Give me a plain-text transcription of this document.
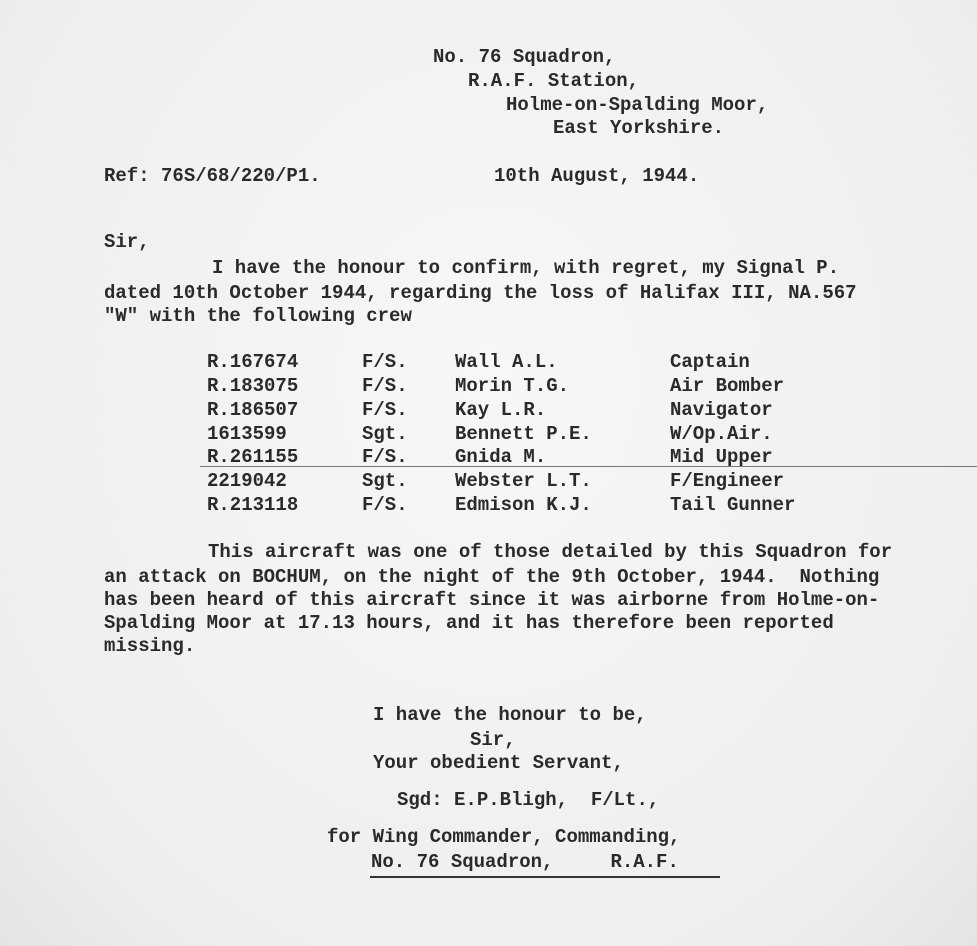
No. 76 Squadron,
R.A.F. Station,
Holme-on-Spalding Moor,
East Yorkshire.
Ref: 76S/68/220/P1.	10th August, 1944.
Sir,
I have the honour to confirm, with regret, my Signal P.
dated 10th October 1944, regarding the loss of Halifax III, NA.567
"W" with the following crew
R.167674	F/S. Wall A.L.	Captain
R.183075	F/S. Morin T.G.	Air Bomber
R.186507	F/S. Kay L.R.	Navigator
1613599	Sgt. Bennett P.E.	W/Op.Air.
R.261155	F/S. Gnida M.	Mid Upper
2219042	Sgt. Webster L.T.	F/Engineer
R.213118	F/S. Edmison K.J.	Tail Gunner
This aircraft was one of those detailed by this Squadron for
an attack on BOCHUM, on the night of the 9th October, 1944.  Nothing
has been heard of this aircraft since it was airborne from Holme-on-
Spalding Moor at 17.13 hours, and it has therefore been reported
missing.
I have the honour to be,
Sir,
Your obedient Servant,
Sgd: E.P.Bligh,  F/Lt.,
for Wing Commander, Commanding,
No. 76 Squadron,     R.A.F.
